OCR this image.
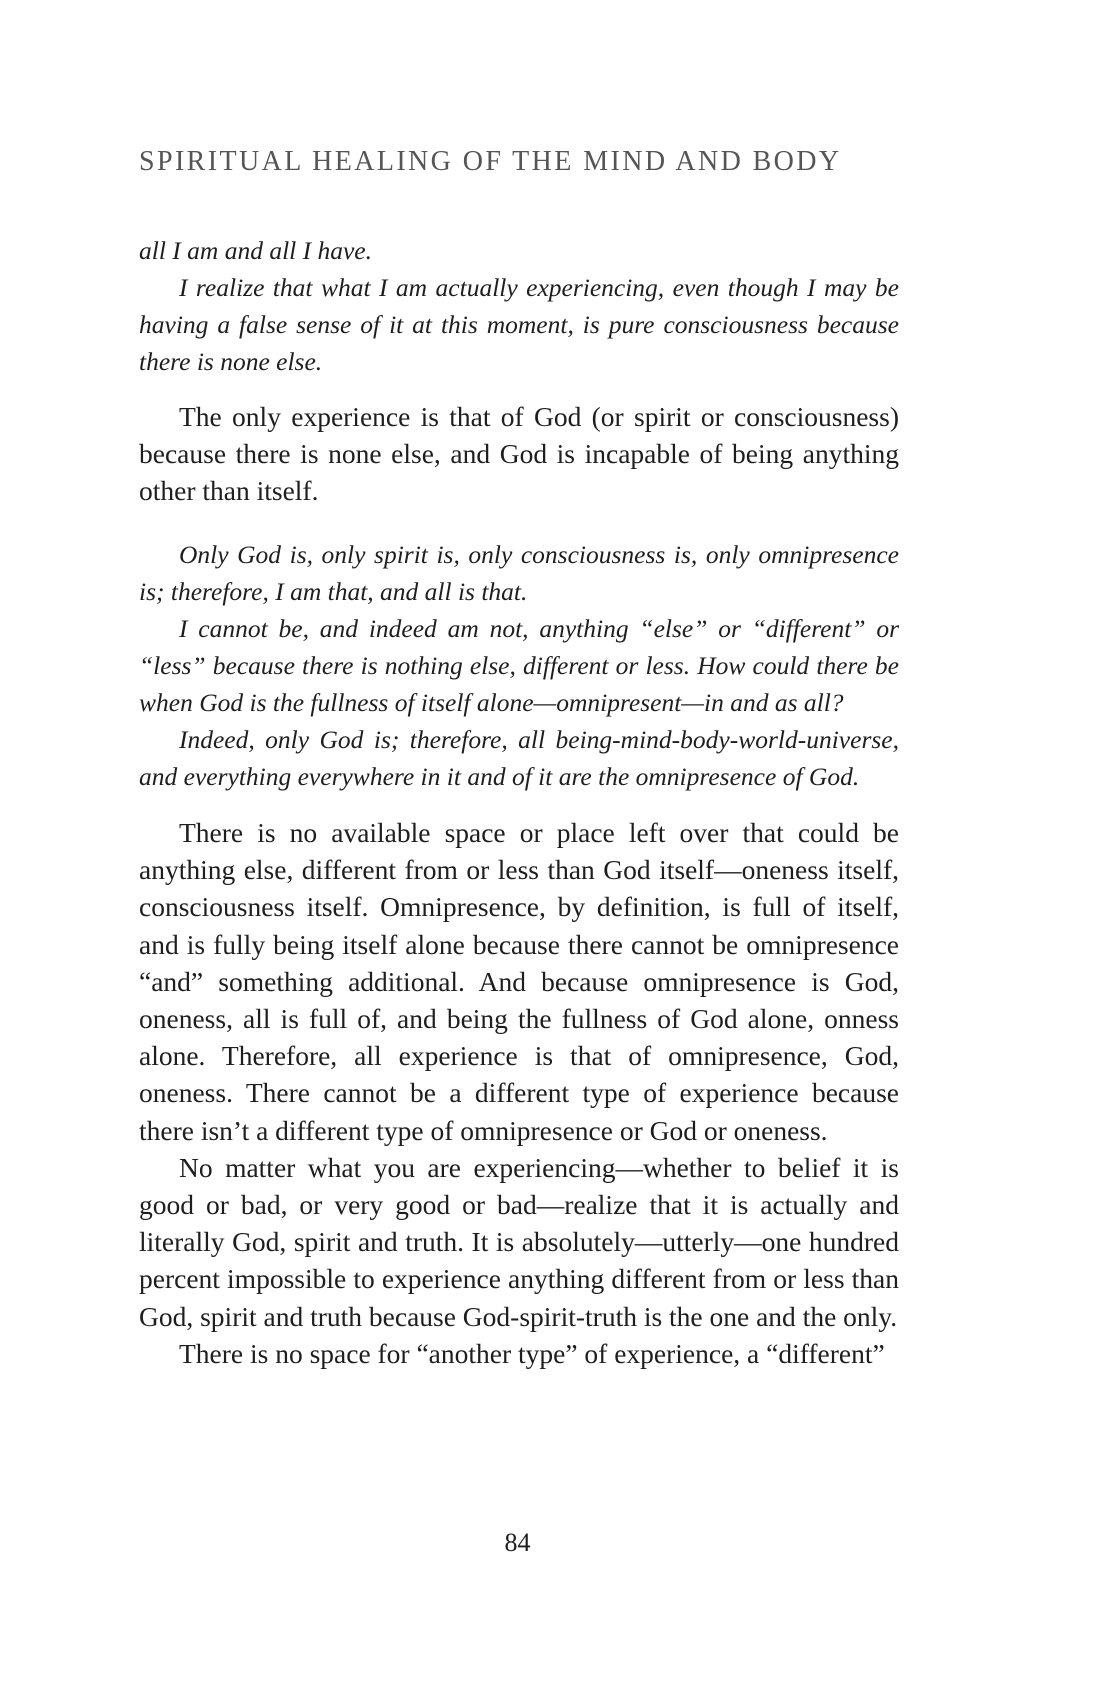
SPIRITUAL HEALING OF THE MIND AND BODY

all I am and all I have.

I realize that what I am actually experiencing, even though I may be having a false sense of it at this moment, is pure consciousness because there is none else.

The only experience is that of God (or spirit or consciousness) because there is none else, and God is incapable of being anything other than itself.

Only God is, only spirit is, only consciousness is, only omnipresence is; therefore, I am that, and all is that.

I cannot be, and indeed am not, anything “else” or “different” or “less” because there is nothing else, different or less. How could there be when God is the fullness of itself alone—omnipresent—in and as all?

Indeed, only God is; therefore, all being-mind-body-world-universe, and everything everywhere in it and of it are the omnipresence of God.

There is no available space or place left over that could be anything else, different from or less than God itself—oneness itself, consciousness itself. Omnipresence, by definition, is full of itself, and is fully being itself alone because there cannot be omnipresence “and” something additional. And because omnipresence is God, oneness, all is full of, and being the fullness of God alone, onness alone. Therefore, all experience is that of omnipresence, God, oneness. There cannot be a different type of experience because there isn’t a different type of omnipresence or God or oneness.

No matter what you are experiencing—whether to belief it is good or bad, or very good or bad—realize that it is actually and literally God, spirit and truth. It is absolutely—utterly—one hundred percent impossible to experience anything different from or less than God, spirit and truth because God-spirit-truth is the one and the only.

There is no space for “another type” of experience, a “different”

84
